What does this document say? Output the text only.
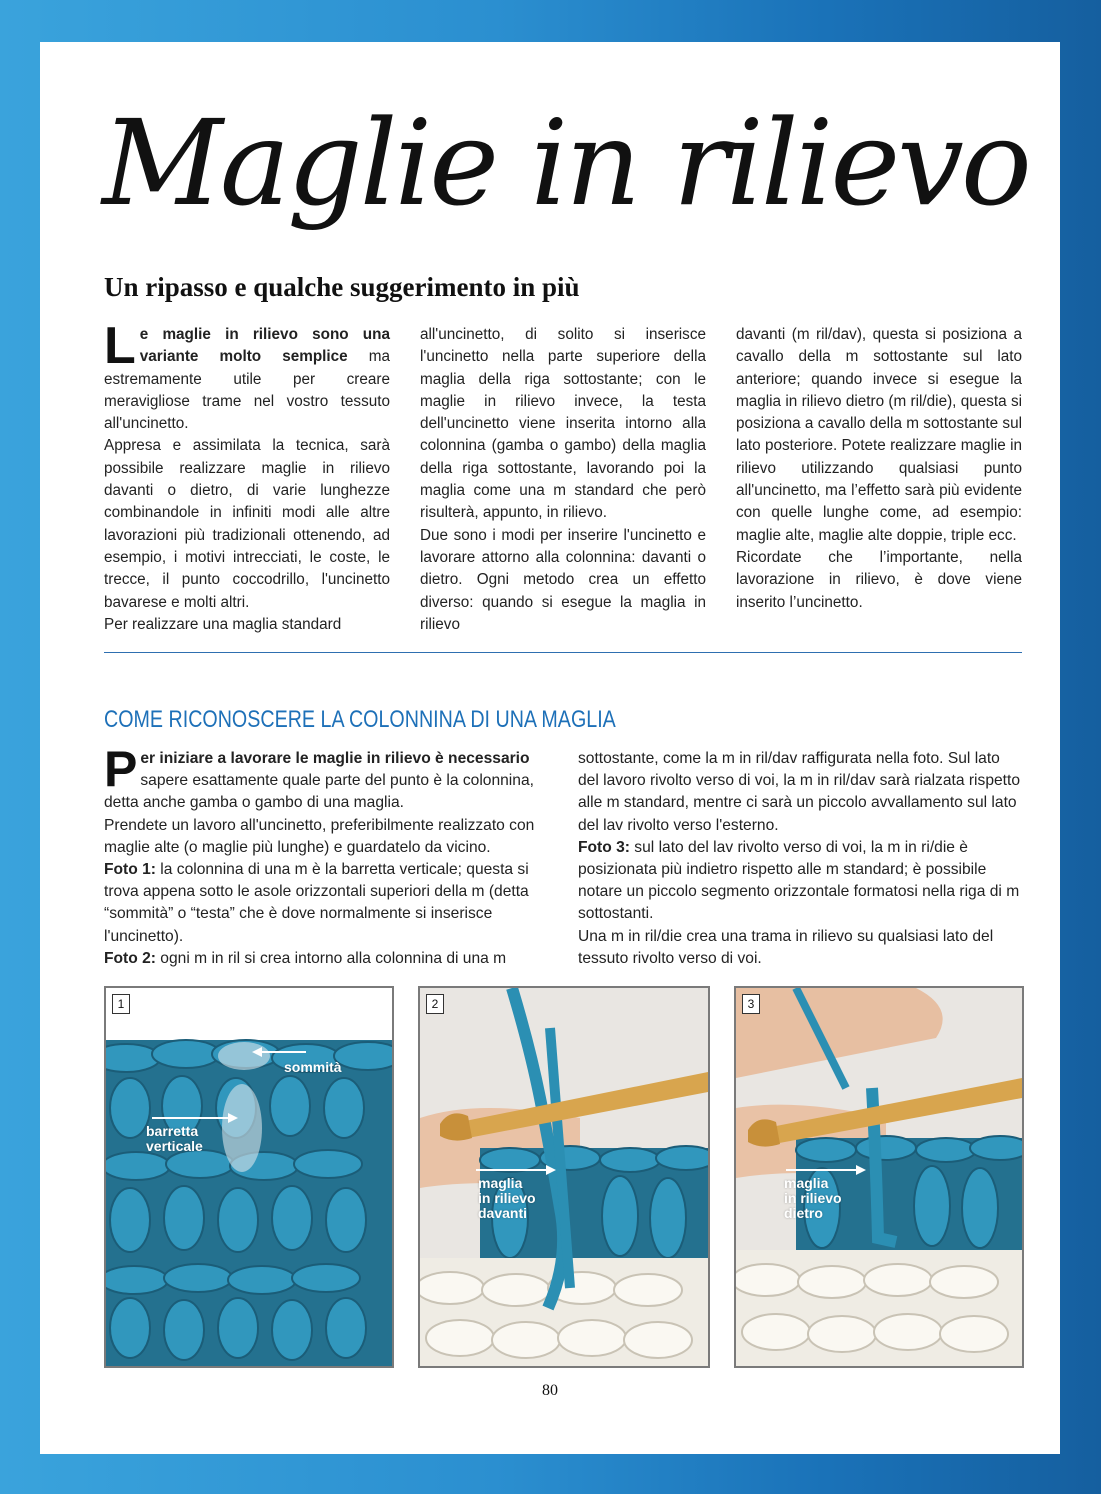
Maglie in rilievo
Un ripasso e qualche suggerimento in più

Le maglie in rilievo sono una variante molto semplice ma estremamente utile per creare meravigliose trame nel vostro tessuto all'uncinetto.

Appresa e assimilata la tecnica, sarà possibile realizzare maglie in rilievo davanti o dietro, di varie lunghezze combinandole in infiniti modi alle altre lavorazioni più tradizionali ottenendo, ad esempio, i motivi intrecciati, le coste, le trecce, il punto coccodrillo, l'uncinetto bavarese e molti altri.

Per realizzare una maglia standard

all'uncinetto, di solito si inserisce l'uncinetto nella parte superiore della maglia della riga sottostante; con le maglie in rilievo invece, la testa dell'uncinetto viene inserita intorno alla colonnina (gamba o gambo) della maglia della riga sottostante, lavorando poi la maglia come una m standard che però risulterà, appunto, in rilievo.

Due sono i modi per inserire l'uncinetto e lavorare attorno alla colonnina: davanti o dietro. Ogni metodo crea un effetto diverso: quando si esegue la maglia in rilievo

davanti (m ril/dav), questa si posiziona a cavallo della m sottostante sul lato anteriore; quando invece si esegue la maglia in rilievo dietro (m ril/die), questa si posiziona a cavallo della m sottostante sul lato posteriore. Potete realizzare maglie in rilievo utilizzando qualsiasi punto all'uncinetto, ma l’effetto sarà più evidente con quelle lunghe come, ad esempio: maglie alte, maglie alte doppie, triple ecc.

Ricordate che l’importante, nella lavorazione in rilievo, è dove viene inserito l’uncinetto.

COME RICONOSCERE LA COLONNINA DI UNA MAGLIA

Per iniziare a lavorare le maglie in rilievo è necessario sapere esattamente quale parte del punto è la colonnina, detta anche gamba o gambo di una maglia.

Prendete un lavoro all'uncinetto, preferibilmente realizzato con maglie alte (o maglie più lunghe) e guardatelo da vicino.

Foto 1: la colonnina di una m è la barretta verticale; questa si trova appena sotto le asole orizzontali superiori della m (detta “sommità” o “testa” che è dove normalmente si inserisce l'uncinetto).

Foto 2: ogni m in ril si crea intorno alla colonnina di una m

sottostante, come la m in ril/dav raffigurata nella foto. Sul lato del lavoro rivolto verso di voi, la m in ril/dav sarà rialzata rispetto alle m standard, mentre ci sarà un piccolo avvallamento sul lato del lav rivolto verso l'esterno.

Foto 3: sul lato del lav rivolto verso di voi, la m in ri/die è posizionata più indietro rispetto alle m standard; è possibile notare un piccolo segmento orizzontale formatosi nella riga di m sottostanti.

Una m in ril/die crea una trama in rilievo su qualsiasi lato del tessuto rivolto verso di voi.

1
sommità
barretta
verticale
2
maglia
in rilievo
davanti
3
maglia
in rilievo
dietro
80
